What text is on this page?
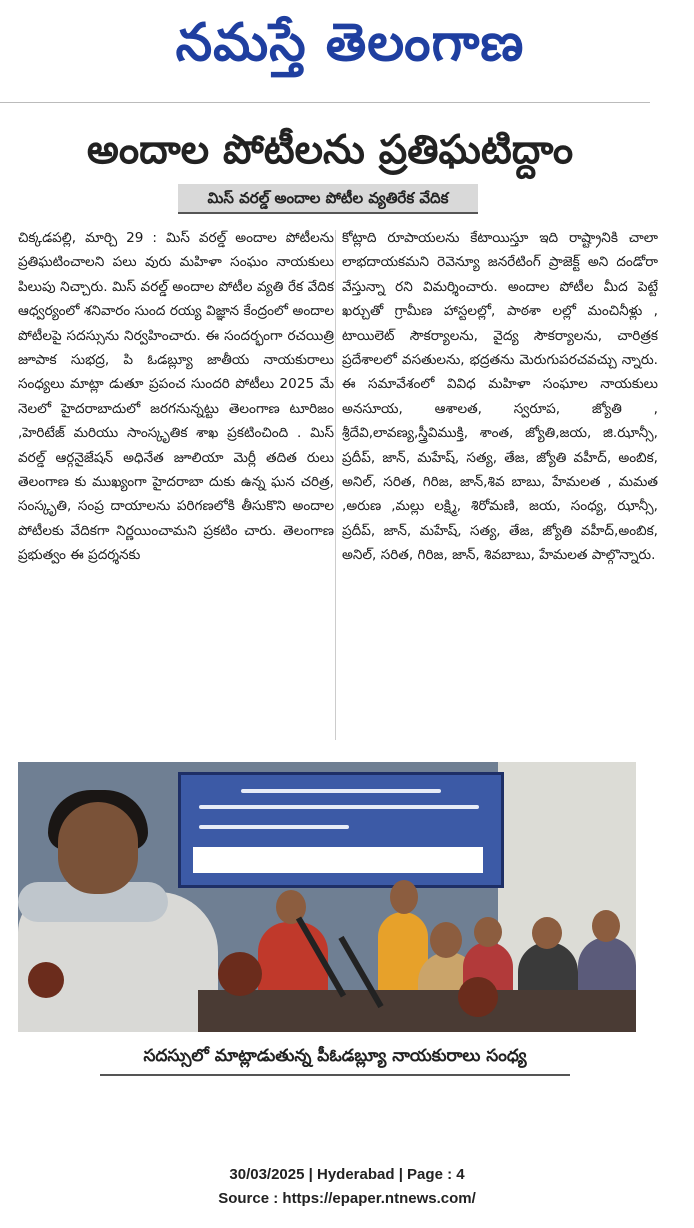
నమస్తే తెలంగాణ
అందాల పోటీలను ప్రతిఘటిద్దాం
మిస్ వరల్డ్ అందాల పోటీల వ్యతిరేక వేదిక

చిక్కడపల్లి, మార్చి 29 : మిస్ వరల్డ్ అందాల పోటీలను ప్రతిఘటించాలని పలు వురు మహిళా సంఘం నాయకులు పిలుపు నిచ్చారు. మిస్ వరల్డ్ అందాల పోటీల వ్యతి రేక వేదిక ఆధ్వర్యంలో శనివారం సుంద రయ్య విజ్ఞాన కేంద్రంలో అందాల పోటీలపై సదస్సును నిర్వహించారు. ఈ సందర్భంగా రచయిత్రి జూపాక సుభద్ర, పి ఓడబ్ల్యూ జాతీయ నాయకురాలు సంధ్యలు మాట్లా డుతూ ప్రపంచ సుందరి పోటీలు 2025 మే నెలలో హైదరాబాదులో జరగనున్నట్టు తెలంగాణ టూరిజం ,హెరిటేజ్ మరియు సాంస్కృతిక శాఖ ప్రకటించింది . మిస్ వరల్డ్ ఆర్గనైజేషన్ అధినేత జూలియా మెర్లీ తదిత రులు తెలంగాణ కు ముఖ్యంగా హైదరాబా దుకు ఉన్న ఘన చరిత్ర, సంస్కృతి, సంప్ర దాయాలను పరిగణలోకి తీసుకొని అందాల పోటీలకు వేదికగా నిర్ణయించామని ప్రకటిం చారు. తెలంగాణ ప్రభుత్వం ఈ ప్రదర్శనకు

కోట్లాది రూపాయలను కేటాయిస్తూ ఇది రాష్ట్రానికి చాలా లాభదాయకమని రెవెన్యూ జనరేటింగ్ ప్రాజెక్ట్ అని దండోరా వేస్తున్నా రని విమర్శించారు. అందాల పోటీల మీద పెట్టే ఖర్చుతో గ్రామీణ హాస్టలల్లో, పాఠశా లల్లో మంచినీళ్లు , టాయిలెట్ సౌకర్యాలను, వైద్య సౌకర్యాలను, చారిత్రక ప్రదేశాలలో వసతులను, భద్రతను మెరుగుపరచవచ్చు న్నారు. ఈ సమావేశంలో వివిధ మహిళా సంఘాల నాయకులు అనసూయ, ఆశాలత, స్వరూప, జ్యోతి , శ్రీదేవి,లావణ్య,స్త్రీవిముక్తి, శాంత, జ్యోతి,జయ, జి.ఝాన్సీ, ప్రదీప్, జాన్, మహేష్, సత్య, తేజ, జ్యోతి వహీద్, అంబిక, అనిల్, సరిత, గిరిజ, జాన్,శివ బాబు, హేమలత , మమత ,అరుణ ,మల్లు లక్ష్మి, శిరోమణి, జయ, సంధ్య, ఝాన్సీ, ప్రదీప్, జాన్, మహేష్, సత్య, తేజ, జ్యోతి వహీద్,అంబిక, అనిల్, సరిత, గిరిజ, జాన్, శివబాబు, హేమలత పాల్గొన్నారు.

సదస్సులో మాట్లాడుతున్న పీఓడబ్ల్యూ నాయకురాలు సంధ్య
30/03/2025 | Hyderabad | Page : 4
Source : https://epaper.ntnews.com/
